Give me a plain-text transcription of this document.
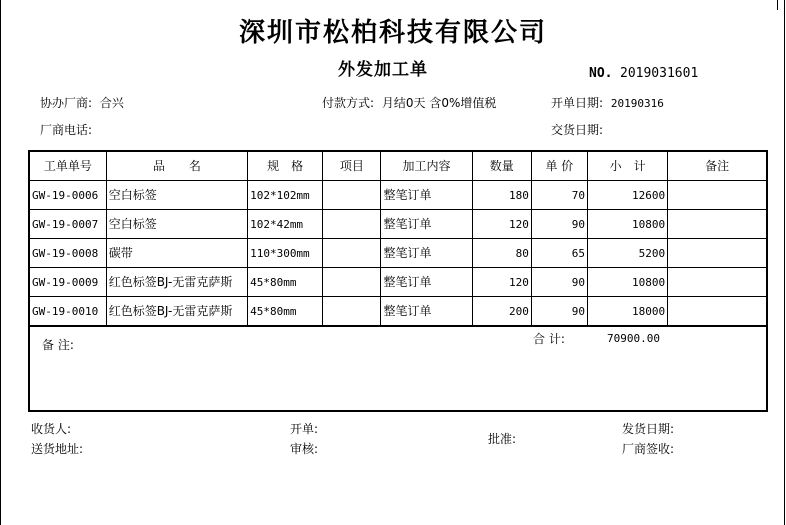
深圳市松柏科技有限公司
外发加工单	NO. 2019031601
协办厂商: 合兴	付款方式: 月结0天 含0%增值税	开单日期: 20190316
厂商电话:	交货日期:
工单单号	品　　名	规　格	项目	加工内容	数量	单 价	小　计	备注
GW-19-0006	空白标签	102*102mm		整笔订单	180	70	12600	
GW-19-0007	空白标签	102*42mm		整笔订单	120	90	10800	
GW-19-0008	碳带	110*300mm		整笔订单	80	65	5200	
GW-19-0009	红色标签BJ-无雷克萨斯	45*80mm		整笔订单	120	90	10800	
GW-19-0010	红色标签BJ-无雷克萨斯	45*80mm		整笔订单	200	90	18000	
备 注:	合 计:	70900.00
收货人:
送货地址:
开单:
审核:
批准:
发货日期:
厂商签收:
